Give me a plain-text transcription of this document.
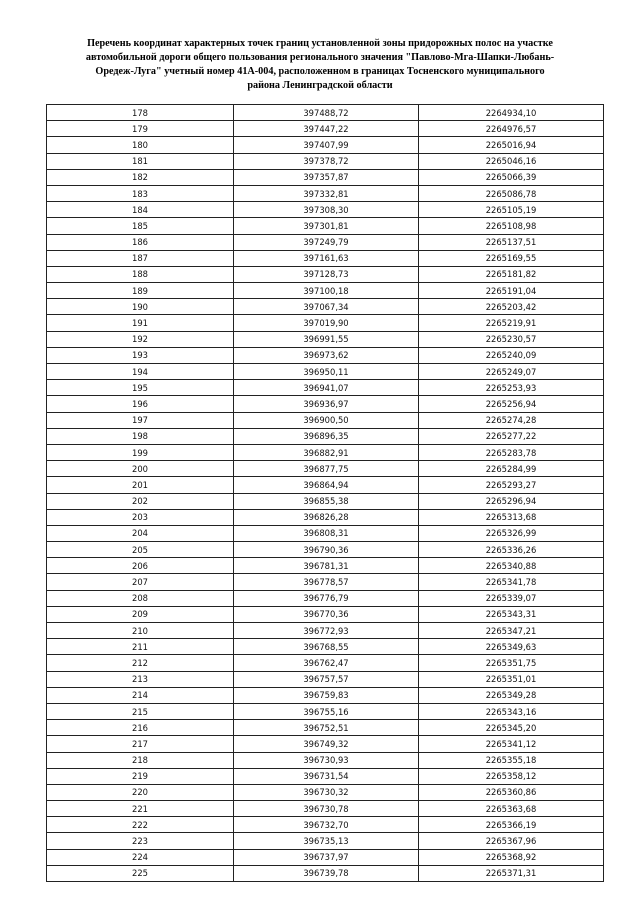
Перечень координат характерных точек границ установленной зоны придорожных полос на участке
автомобильной дороги общего пользования регионального значения "Павлово-Мга-Шапки-Любань-
Оредеж-Луга" учетный номер 41А-004, расположенном в границах Тосненского муниципального
района Ленинградской области
178	397488,72	2264934,10
179	397447,22	2264976,57
180	397407,99	2265016,94
181	397378,72	2265046,16
182	397357,87	2265066,39
183	397332,81	2265086,78
184	397308,30	2265105,19
185	397301,81	2265108,98
186	397249,79	2265137,51
187	397161,63	2265169,55
188	397128,73	2265181,82
189	397100,18	2265191,04
190	397067,34	2265203,42
191	397019,90	2265219,91
192	396991,55	2265230,57
193	396973,62	2265240,09
194	396950,11	2265249,07
195	396941,07	2265253,93
196	396936,97	2265256,94
197	396900,50	2265274,28
198	396896,35	2265277,22
199	396882,91	2265283,78
200	396877,75	2265284,99
201	396864,94	2265293,27
202	396855,38	2265296,94
203	396826,28	2265313,68
204	396808,31	2265326,99
205	396790,36	2265336,26
206	396781,31	2265340,88
207	396778,57	2265341,78
208	396776,79	2265339,07
209	396770,36	2265343,31
210	396772,93	2265347,21
211	396768,55	2265349,63
212	396762,47	2265351,75
213	396757,57	2265351,01
214	396759,83	2265349,28
215	396755,16	2265343,16
216	396752,51	2265345,20
217	396749,32	2265341,12
218	396730,93	2265355,18
219	396731,54	2265358,12
220	396730,32	2265360,86
221	396730,78	2265363,68
222	396732,70	2265366,19
223	396735,13	2265367,96
224	396737,97	2265368,92
225	396739,78	2265371,31
